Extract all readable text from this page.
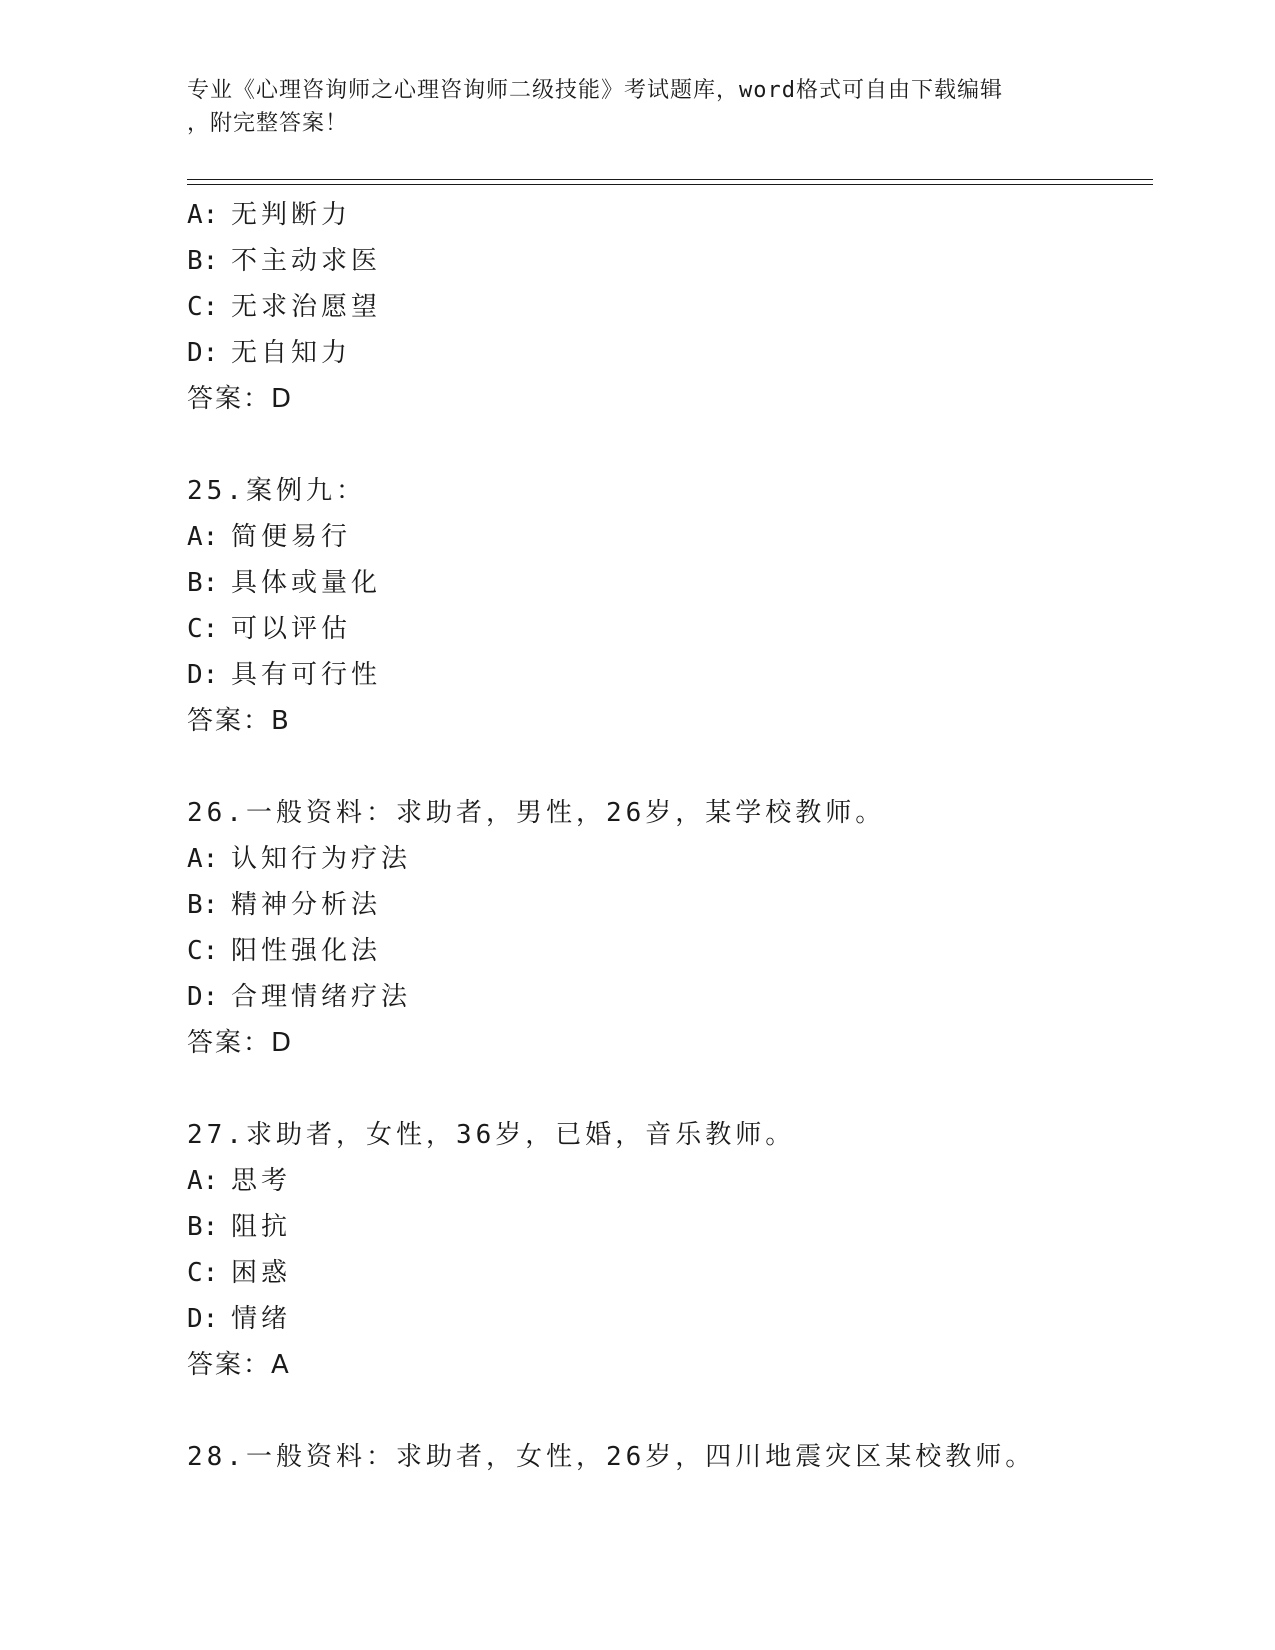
专业《心理咨询师之心理咨询师二级技能》考试题库，word格式可自由下载编辑
，附完整答案！
A: 无判断力
B: 不主动求医
C: 无求治愿望
D: 无自知力
答案：D
25.案例九：
A: 简便易行
B: 具体或量化
C: 可以评估
D: 具有可行性
答案：B
26.一般资料：求助者，男性，26岁，某学校教师。
A: 认知行为疗法
B: 精神分析法
C: 阳性强化法
D: 合理情绪疗法
答案：D
27.求助者，女性，36岁，已婚，音乐教师。
A: 思考
B: 阻抗
C: 困惑
D: 情绪
答案：A
28.一般资料：求助者，女性，26岁，四川地震灾区某校教师。
